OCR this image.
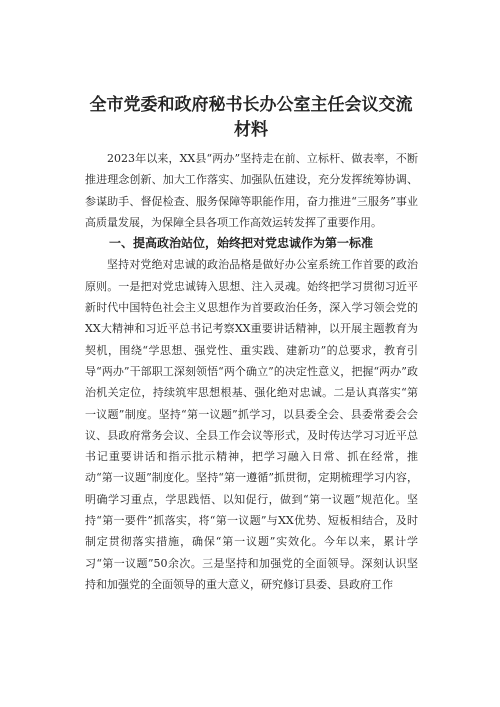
全市党委和政府秘书长办公室主任会议交流材料

2023年以来，XX县“两办”坚持走在前、立标杆、做表率，不断推进理念创新、加大工作落实、加强队伍建设，充分发挥统筹协调、参谋助手、督促检查、服务保障等职能作用，奋力推进“三服务”事业高质量发展，为保障全县各项工作高效运转发挥了重要作用。

一、提高政治站位，始终把对党忠诚作为第一标准

坚持对党绝对忠诚的政治品格是做好办公室系统工作首要的政治原则。一是把对党忠诚铸入思想、注入灵魂。始终把学习贯彻习近平新时代中国特色社会主义思想作为首要政治任务，深入学习领会党的XX大精神和习近平总书记考察XX重要讲话精神，以开展主题教育为契机，围绕“学思想、强党性、重实践、建新功”的总要求，教育引导“两办”干部职工深刻领悟“两个确立”的决定性意义，把握“两办”政治机关定位，持续筑牢思想根基、强化绝对忠诚。二是认真落实“第一议题”制度。坚持“第一议题”抓学习，以县委全会、县委常委会会议、县政府常务会议、全县工作会议等形式，及时传达学习习近平总书记重要讲话和指示批示精神，把学习融入日常、抓在经常，推动“第一议题”制度化。坚持“第一遵循”抓贯彻，定期梳理学习内容，明确学习重点，学思践悟、以知促行，做到“第一议题”规范化。坚持“第一要件”抓落实，将“第一议题”与XX优势、短板相结合，及时制定贯彻落实措施，确保“第一议题”实效化。今年以来，累计学习“第一议题”50余次。三是坚持和加强党的全面领导。深刻认识坚持和加强党的全面领导的重大意义，研究修订县委、县政府工作
